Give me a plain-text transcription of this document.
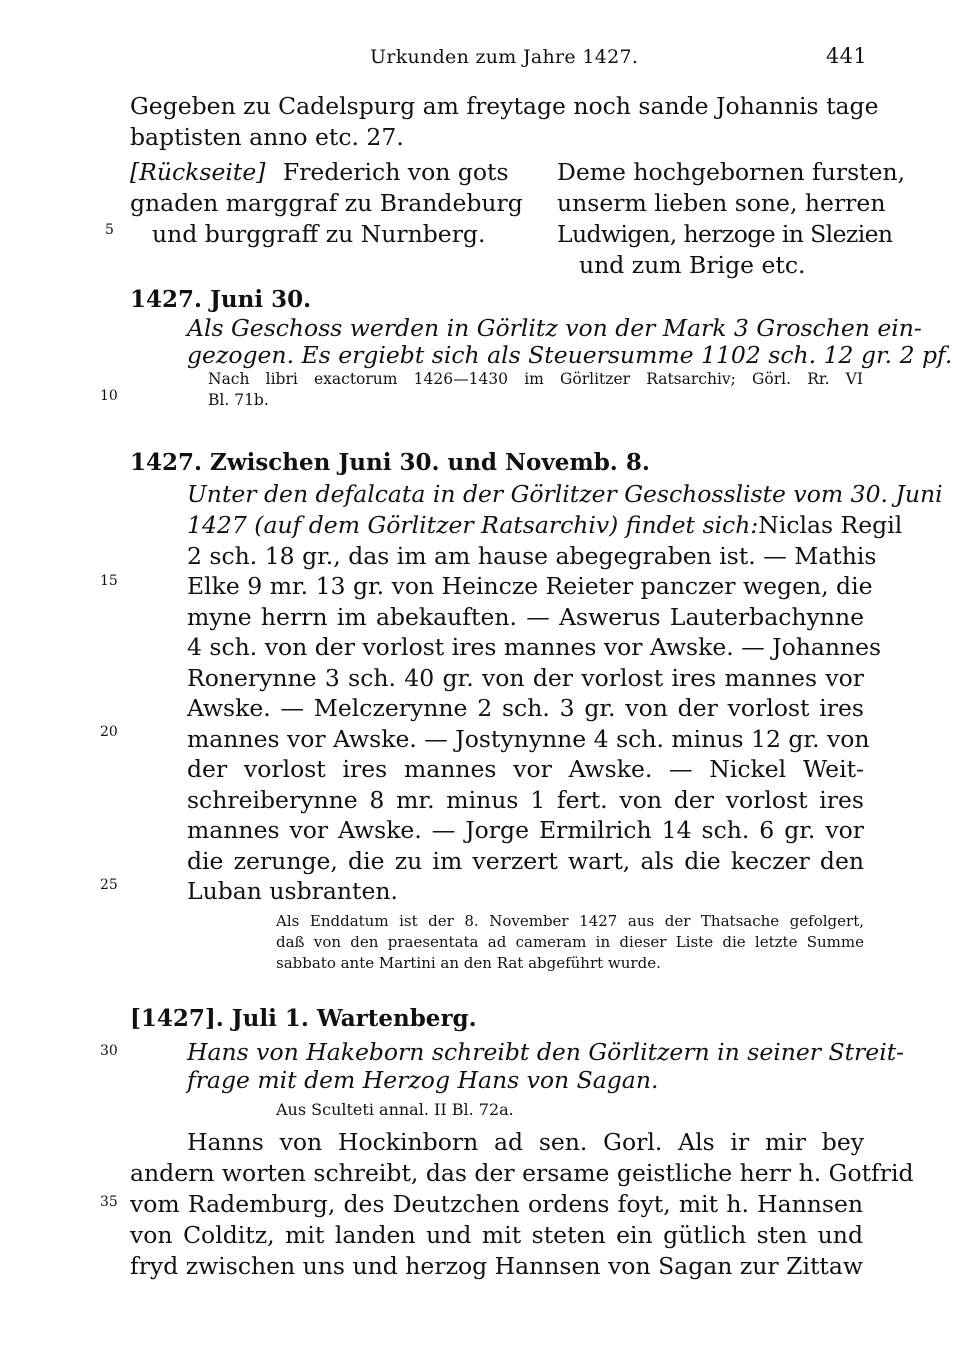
Urkunden zum Jahre 1427.	441
5
10
15
20
25
30
35
Gegeben zu Cadelspurg am freytage noch sande Johannis tage
baptisten anno etc. 27.
[Rückseite] Frederich von gots
gnaden marggraf zu Brandeburg
und burggraff zu Nurnberg.
Deme hochgebornen fursten,
unserm lieben sone, herren
Ludwigen, herzoge in Slezien
und zum Brige etc.
1427. Juni 30.
Als Geschoss werden in Görlitz von der Mark 3 Groschen ein-
gezogen. Es ergiebt sich als Steuersumme 1102 sch. 12 gr. 2 pf.
Nach libri exactorum 1426—1430 im Görlitzer Ratsarchiv; Görl. Rr. VI
Bl. 71b.
1427. Zwischen Juni 30. und Novemb. 8.
Unter den defalcata in der Görlitzer Geschossliste vom 30. Juni
1427 (auf dem Görlitzer Ratsarchiv) findet sich: Niclas Regil
2 sch. 18 gr., das im am hause abegegraben ist. — Mathis
Elke 9 mr. 13 gr. von Heincze Reieter panczer wegen, die
myne herrn im abekauften. — Aswerus Lauterbachynne
4 sch. von der vorlost ires mannes vor Awske. — Johannes
Ronerynne 3 sch. 40 gr. von der vorlost ires mannes vor
Awske. — Melczerynne 2 sch. 3 gr. von der vorlost ires
mannes vor Awske. — Jostynynne 4 sch. minus 12 gr. von
der vorlost ires mannes vor Awske. — Nickel Weit-
schreiberynne 8 mr. minus 1 fert. von der vorlost ires
mannes vor Awske. — Jorge Ermilrich 14 sch. 6 gr. vor
die zerunge, die zu im verzert wart, als die keczer den
Luban usbranten.
Als Enddatum ist der 8. November 1427 aus der Thatsache gefolgert,
daß von den praesentata ad cameram in dieser Liste die letzte Summe
sabbato ante Martini an den Rat abgeführt wurde.
[1427]. Juli 1. Wartenberg.
Hans von Hakeborn schreibt den Görlitzern in seiner Streit-
frage mit dem Herzog Hans von Sagan.
Aus Sculteti annal. II Bl. 72a.
Hanns von Hockinborn ad sen. Gorl. Als ir mir bey
andern worten schreibt, das der ersame geistliche herr h. Gotfrid
vom Rademburg, des Deutzchen ordens foyt, mit h. Hannsen
von Colditz, mit landen und mit steten ein gütlich sten und
fryd zwischen uns und herzog Hannsen von Sagan zur Zittaw
